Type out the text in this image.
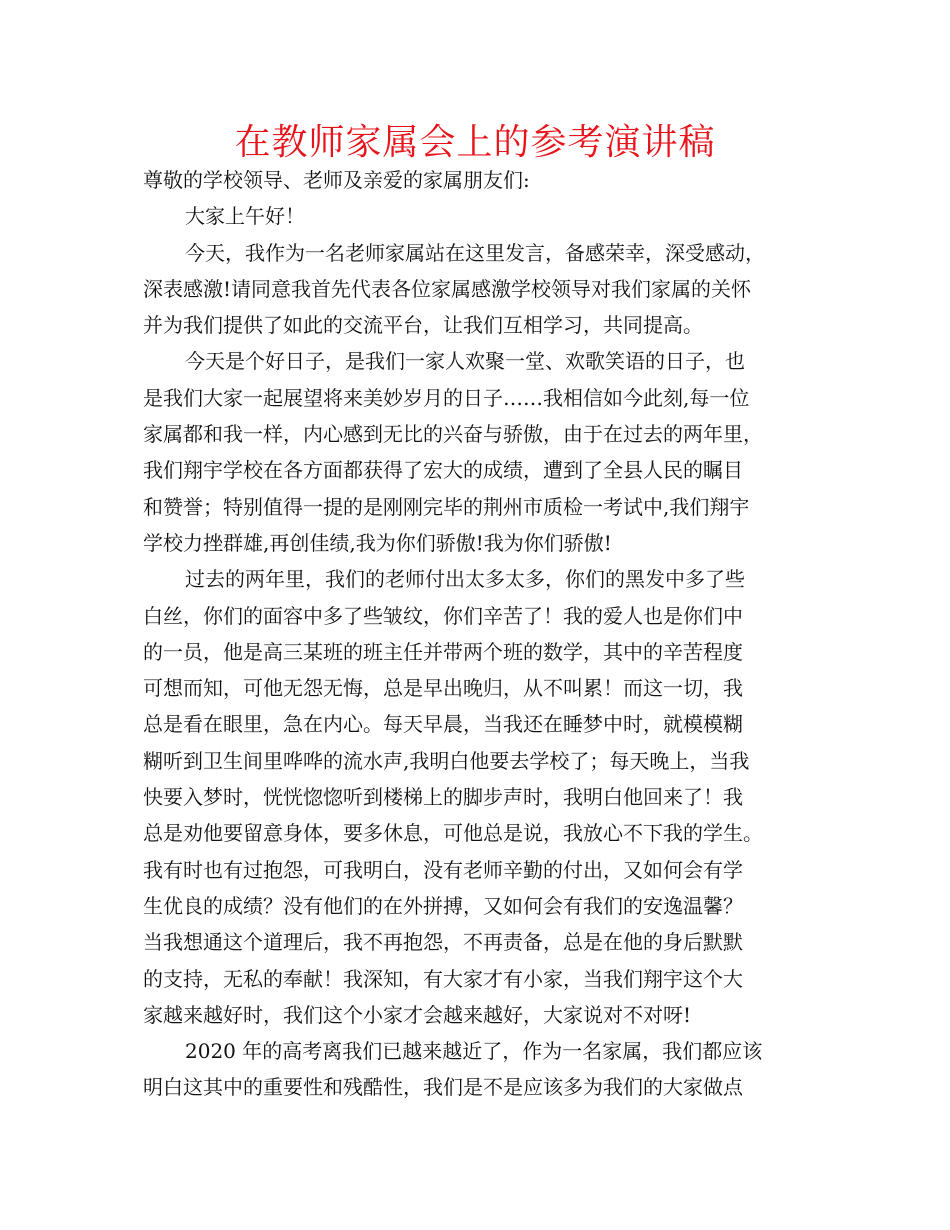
在教师家属会上的参考演讲稿
尊敬的学校领导、老师及亲爱的家属朋友们:
大家上午好！
今天，我作为一名老师家属站在这里发言，备感荣幸，深受感动，
深表感激!请同意我首先代表各位家属感激学校领导对我们家属的关怀
并为我们提供了如此的交流平台，让我们互相学习，共同提高。
今天是个好日子，是我们一家人欢聚一堂、欢歌笑语的日子，也
是我们大家一起展望将来美妙岁月的日子……我相信如今此刻,每一位
家属都和我一样，内心感到无比的兴奋与骄傲，由于在过去的两年里，
我们翔宇学校在各方面都获得了宏大的成绩，遭到了全县人民的瞩目
和赞誉；特别值得一提的是刚刚完毕的荆州市质检一考试中,我们翔宇
学校力挫群雄,再创佳绩,我为你们骄傲!我为你们骄傲!
过去的两年里，我们的老师付出太多太多，你们的黑发中多了些
白丝，你们的面容中多了些皱纹，你们辛苦了！我的爱人也是你们中
的一员，他是高三某班的班主任并带两个班的数学，其中的辛苦程度
可想而知，可他无怨无悔，总是早出晚归，从不叫累！而这一切，我
总是看在眼里，急在内心。每天早晨，当我还在睡梦中时，就模模糊
糊听到卫生间里哗哗的流水声,我明白他要去学校了；每天晚上，当我
快要入梦时，恍恍惚惚听到楼梯上的脚步声时，我明白他回来了！我
总是劝他要留意身体，要多休息，可他总是说，我放心不下我的学生。
我有时也有过抱怨，可我明白，没有老师辛勤的付出，又如何会有学
生优良的成绩？没有他们的在外拼搏，又如何会有我们的安逸温馨？
当我想通这个道理后，我不再抱怨，不再责备，总是在他的身后默默
的支持，无私的奉献！我深知，有大家才有小家，当我们翔宇这个大
家越来越好时，我们这个小家才会越来越好，大家说对不对呀!
2020 年的高考离我们已越来越近了，作为一名家属，我们都应该
明白这其中的重要性和残酷性，我们是不是应该多为我们的大家做点
